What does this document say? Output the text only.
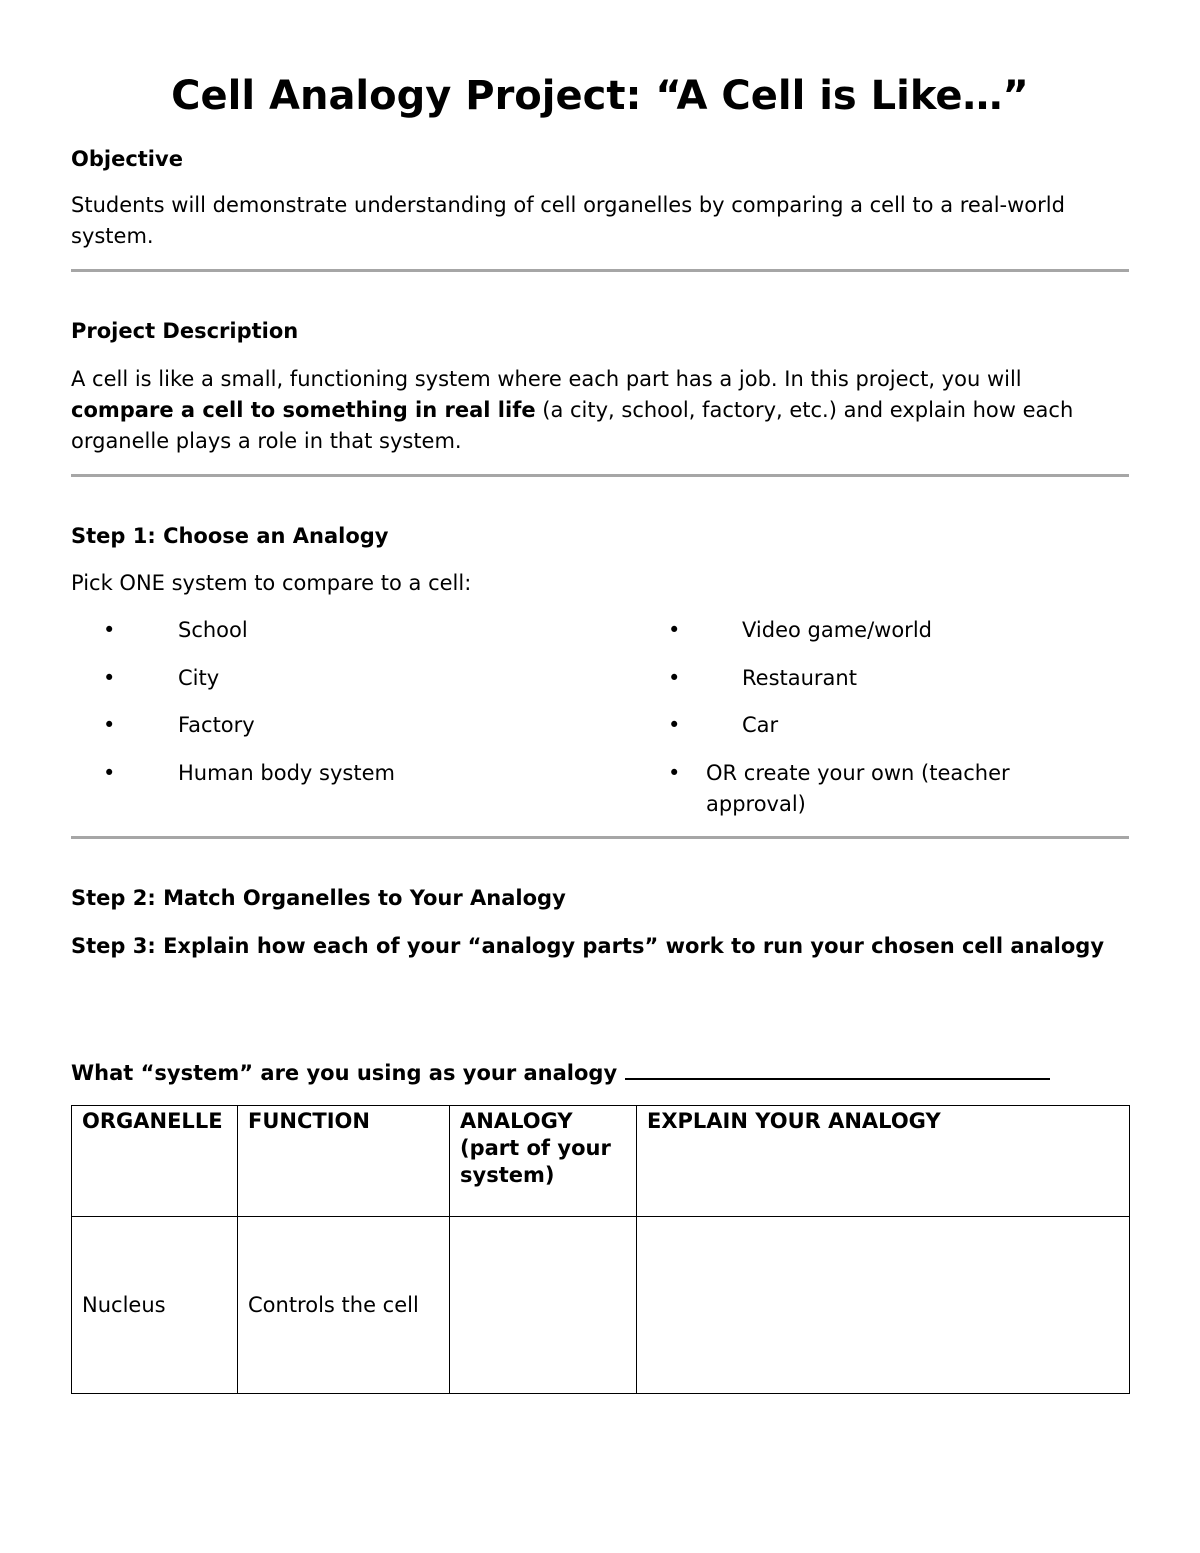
Cell Analogy Project: “A Cell is Like…”
Objective
Students will demonstrate understanding of cell organelles by comparing a cell to a real-world system.
Project Description
A cell is like a small, functioning system where each part has a job. In this project, you will compare a cell to something in real life (a city, school, factory, etc.) and explain how each organelle plays a role in that system.
Step 1: Choose an Analogy
Pick ONE system to compare to a cell:
•	School
•	City
•	Factory
•	Human body system
•	Video game/world
•	Restaurant
•	Car
• OR create your own (teacher approval)
Step 2: Match Organelles to Your Analogy
Step 3: Explain how each of your “analogy parts” work to run your chosen cell analogy
What “system” are you using as your analogy
ORGANELLE	FUNCTION	ANALOGY (part of your system)	EXPLAIN YOUR ANALOGY
Nucleus	Controls the cell		
